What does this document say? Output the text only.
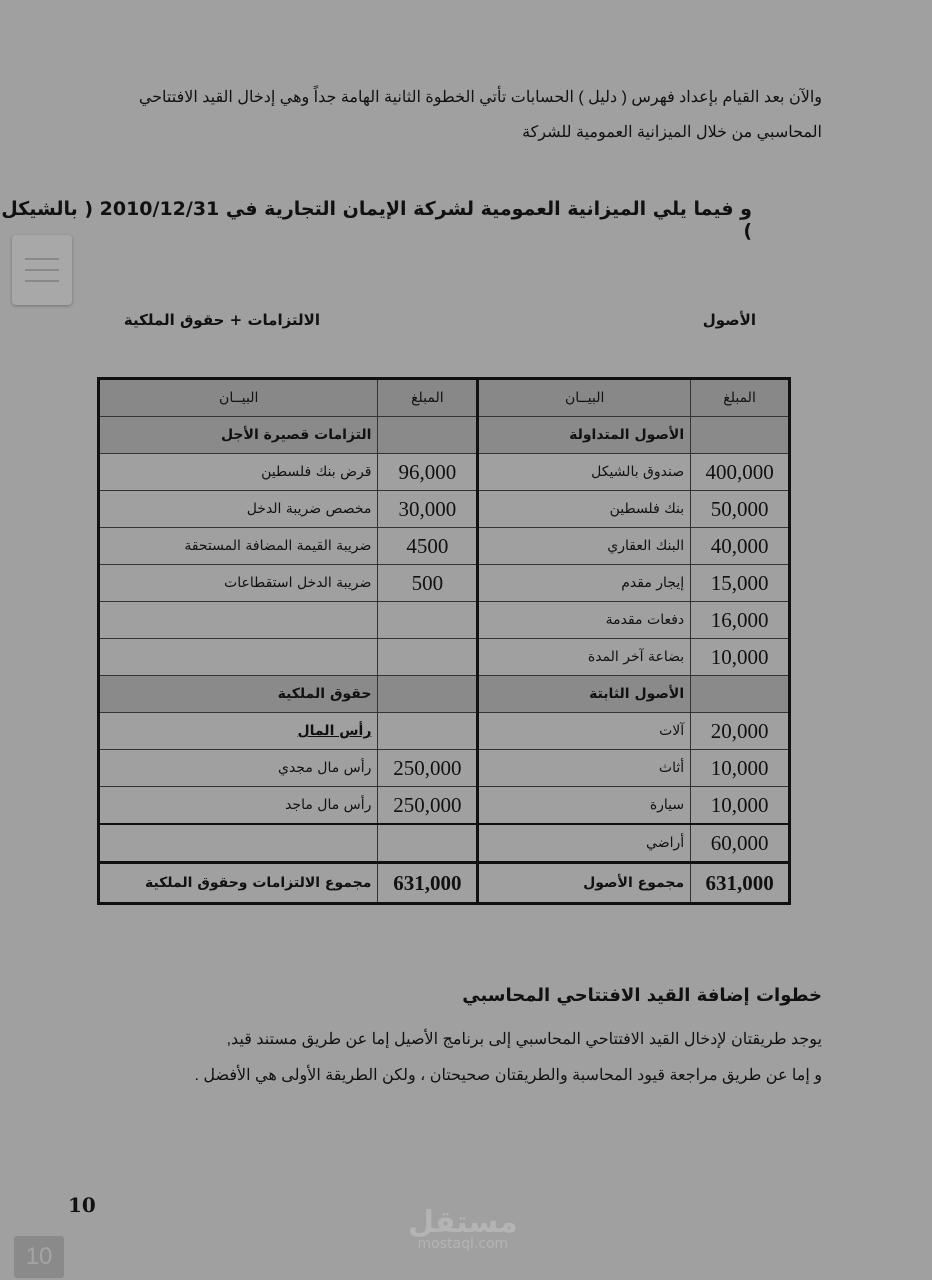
والآن بعد القيام بإعداد فهرس ( دليل ) الحسابات تأتي الخطوة الثانية الهامة جداً وهي إدخال القيد الافتتاحي المحاسبي من خلال الميزانية العمومية للشركة
و فيما يلي الميزانية العمومية لشركة الإيمان التجارية في 2010/12/31 ( بالشيكل )
الأصول
الالتزامات + حقوق الملكية
المبلغ	البيــان	المبلغ	البيــان
	الأصول المتداولة		التزامات قصيرة الأجل
400,000	صندوق بالشيكل	96,000	قرض بنك فلسطين
50,000	بنك فلسطين	30,000	مخصص ضريبة الدخل
40,000	البنك العقاري	4500	ضريبة القيمة المضافة المستحقة
15,000	إيجار مقدم	500	ضريبة الدخل استقطاعات
16,000	دفعات مقدمة		
10,000	بضاعة آخر المدة		
	الأصول الثابتة		حقوق الملكية
20,000	آلات		رأس المال
10,000	أثاث	250,000	رأس مال مجدي
10,000	سيارة	250,000	رأس مال ماجد
60,000	أراضي		
631,000	مجموع الأصول	631,000	مجموع الالتزامات وحقوق الملكية
خطوات إضافة القيد الافتتاحي المحاسبي
يوجد طريقتان لإدخال القيد الافتتاحي المحاسبي إلى برنامج الأصيل إما عن طريق مستند قيد,
و إما عن طريق مراجعة قيود المحاسبة والطريقتان صحيحتان ، ولكن الطريقة الأولى هي الأفضل .
10
10
مستقل
mostaql.com
